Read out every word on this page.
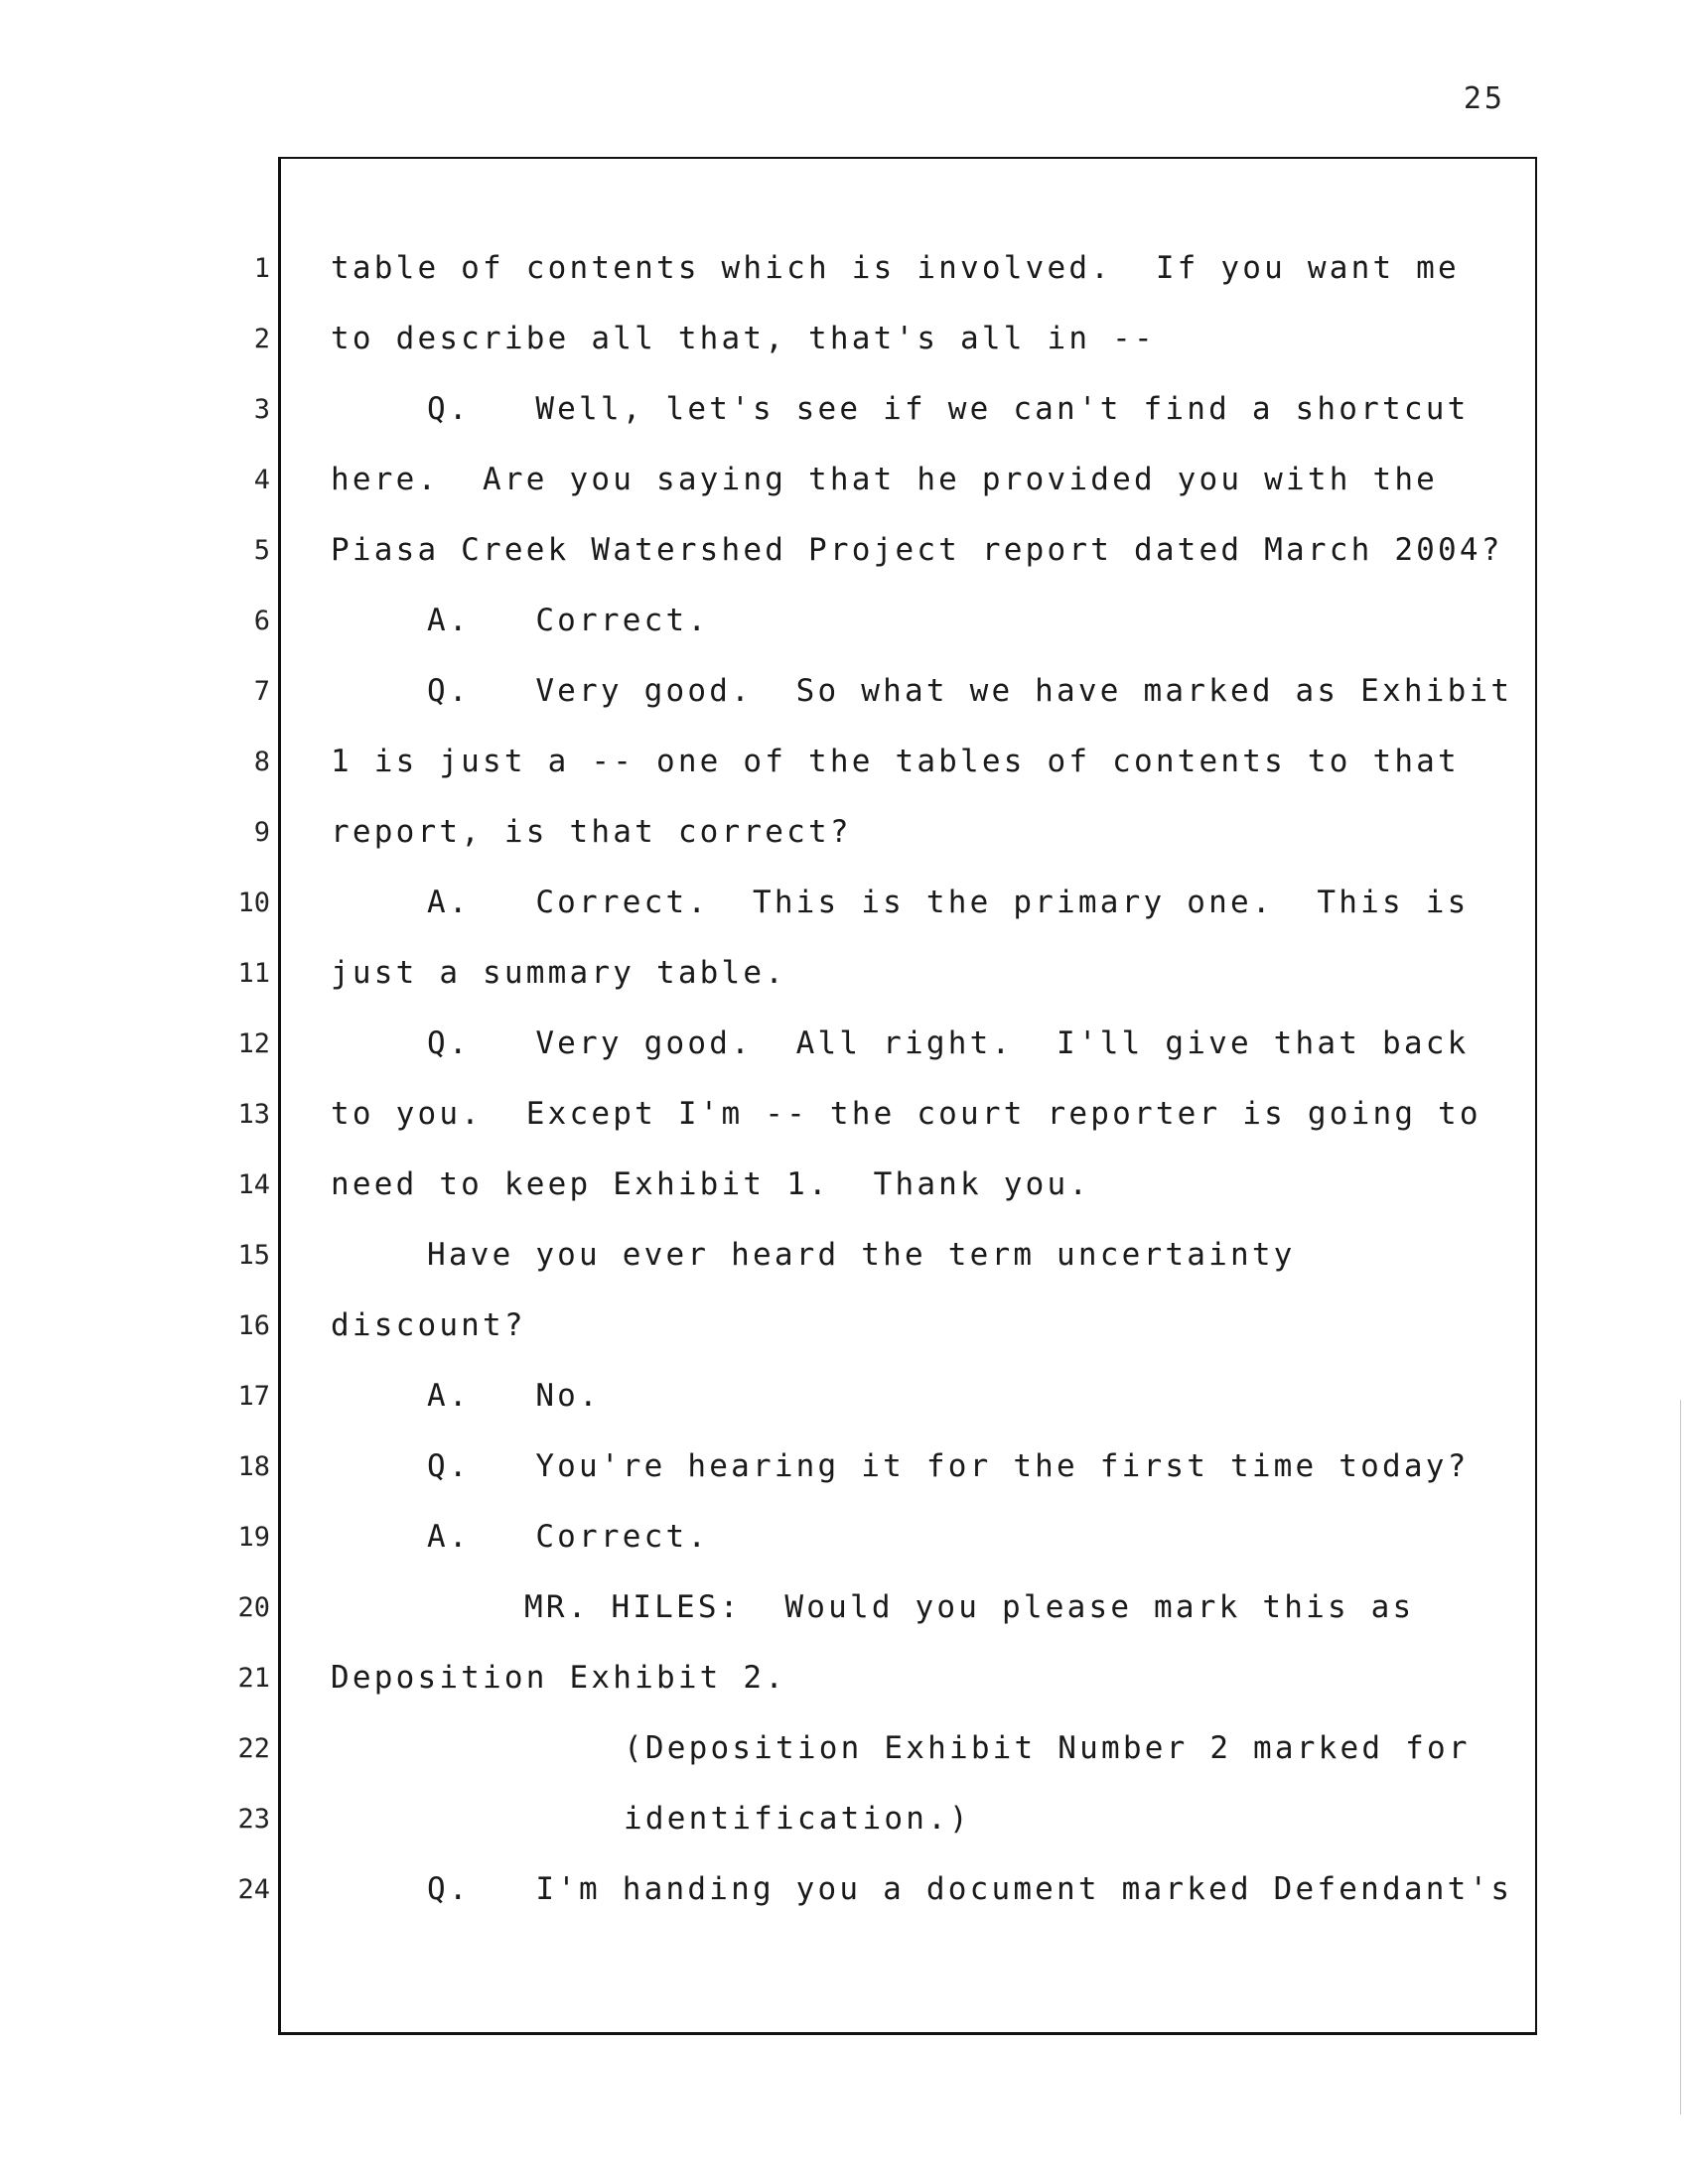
25
1 table of contents which is involved.  If you want me
2 to describe all that, that's all in --
3	Q.   Well, let's see if we can't find a shortcut
4 here.  Are you saying that he provided you with the
5 Piasa Creek Watershed Project report dated March 2004?
6	A.   Correct.
7	Q.   Very good.  So what we have marked as Exhibit
8 1 is just a -- one of the tables of contents to that
9 report, is that correct?
10	A.   Correct.  This is the primary one.  This is
11 just a summary table.
12	Q.   Very good.  All right.  I'll give that back
13 to you.  Except I'm -- the court reporter is going to
14 need to keep Exhibit 1.  Thank you.
15	Have you ever heard the term uncertainty
16 discount?
17	A.   No.
18	Q.   You're hearing it for the first time today?
19	A.   Correct.
20	MR. HILES:  Would you please mark this as
21 Deposition Exhibit 2.
22	(Deposition Exhibit Number 2 marked for
23	identification.)
24	Q.   I'm handing you a document marked Defendant's
